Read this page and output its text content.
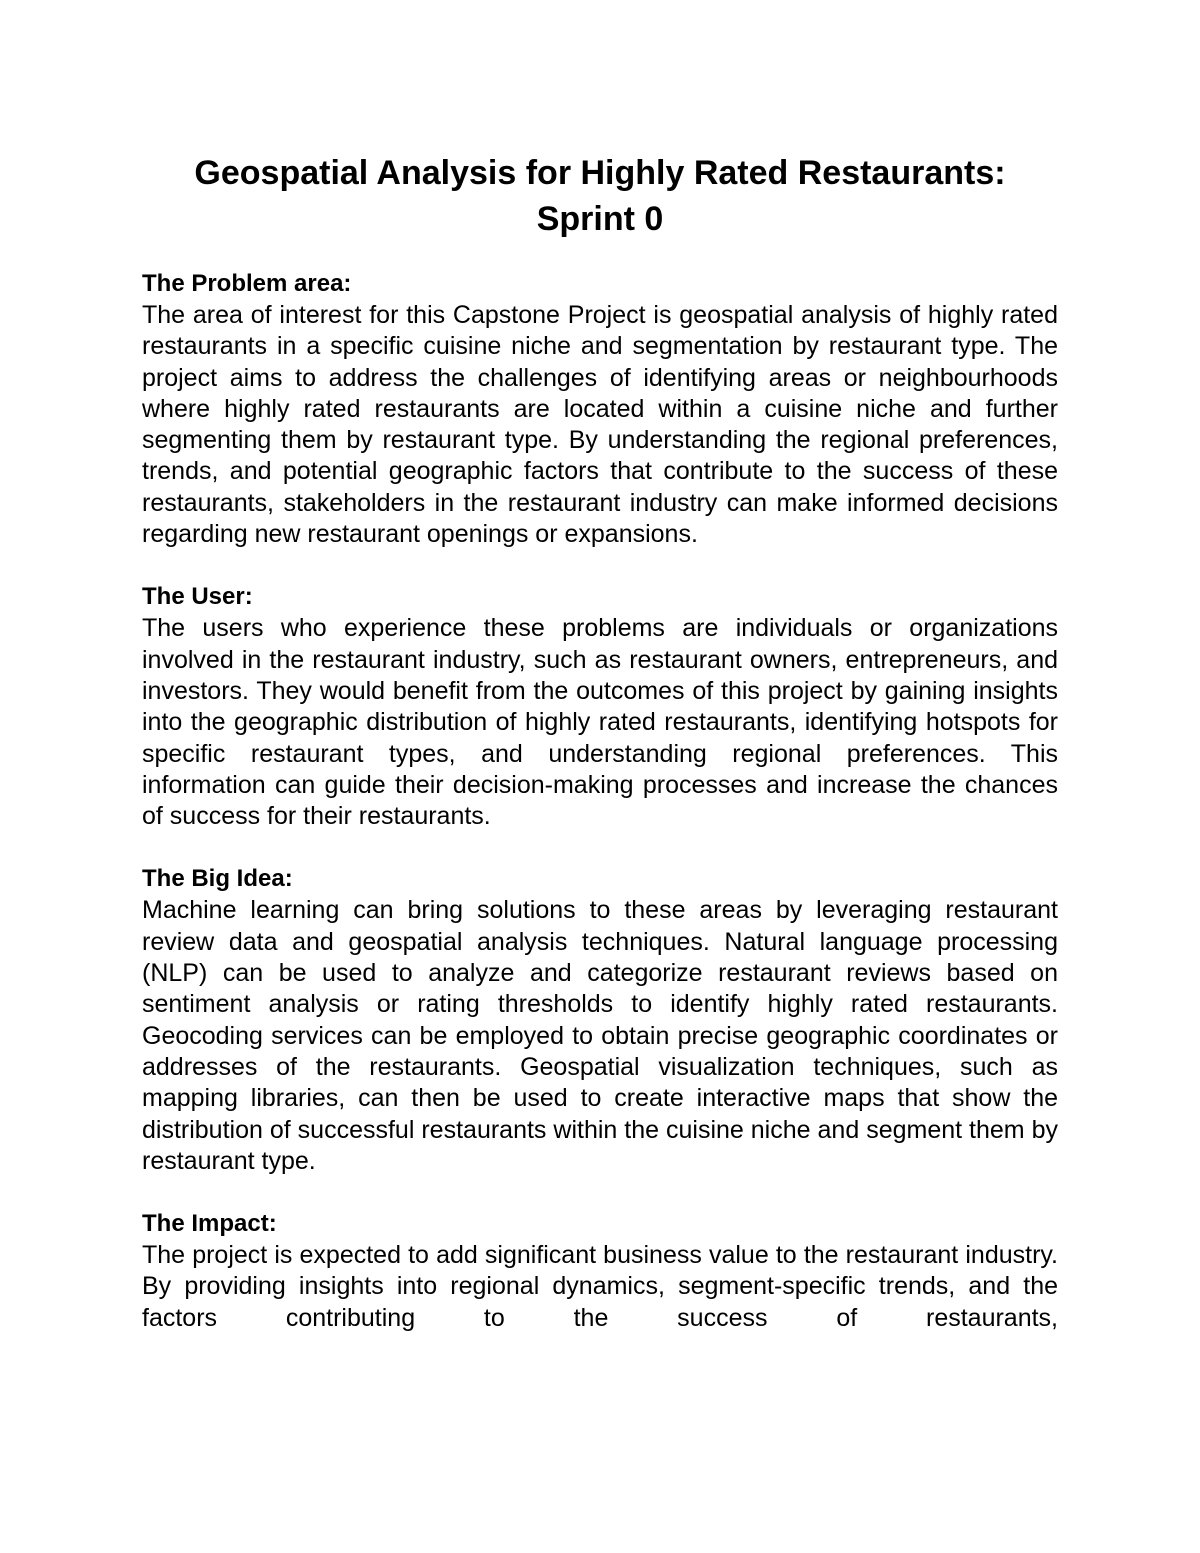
Geospatial Analysis for Highly Rated Restaurants:
Sprint 0

The Problem area:

The area of interest for this Capstone Project is geospatial analysis of highly rated restaurants in a specific cuisine niche and segmentation by restaurant type. The project aims to address the challenges of identifying areas or neighbourhoods where highly rated restaurants are located within a cuisine niche and further segmenting them by restaurant type. By understanding the regional preferences, trends, and potential geographic factors that contribute to the success of these restaurants, stakeholders in the restaurant industry can make informed decisions regarding new restaurant openings or expansions.

The User:

The users who experience these problems are individuals or organizations involved in the restaurant industry, such as restaurant owners, entrepreneurs, and investors. They would benefit from the outcomes of this project by gaining insights into the geographic distribution of highly rated restaurants, identifying hotspots for specific restaurant types, and understanding regional preferences. This information can guide their decision-making processes and increase the chances of success for their restaurants.

The Big Idea:

Machine learning can bring solutions to these areas by leveraging restaurant review data and geospatial analysis techniques. Natural language processing (NLP) can be used to analyze and categorize restaurant reviews based on sentiment analysis or rating thresholds to identify highly rated restaurants. Geocoding services can be employed to obtain precise geographic coordinates or addresses of the restaurants. Geospatial visualization techniques, such as mapping libraries, can then be used to create interactive maps that show the distribution of successful restaurants within the cuisine niche and segment them by restaurant type.

The Impact:

The project is expected to add significant business value to the restaurant industry. By providing insights into regional dynamics, segment-specific trends, and the factors contributing to the success of restaurants,
